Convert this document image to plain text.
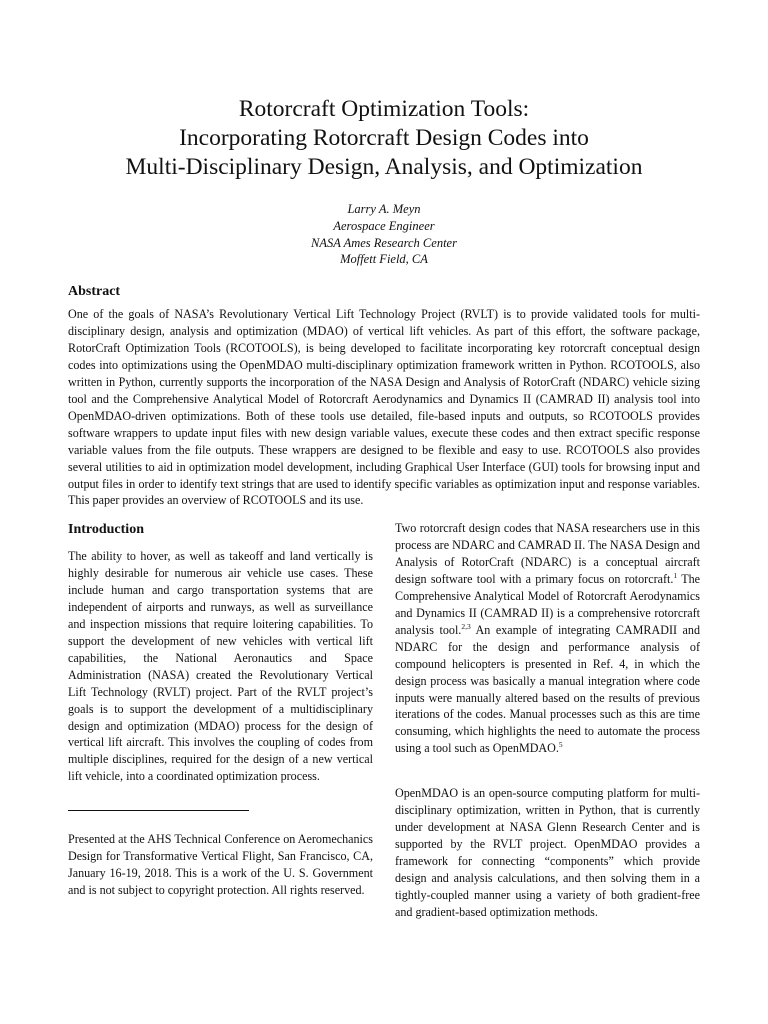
Rotorcraft Optimization Tools:
Incorporating Rotorcraft Design Codes into
Multi-Disciplinary Design, Analysis, and Optimization
Larry A. Meyn
Aerospace Engineer
NASA Ames Research Center
Moffett Field, CA
Abstract

One of the goals of NASA’s Revolutionary Vertical Lift Technology Project (RVLT) is to provide validated tools for multi-disciplinary design, analysis and optimization (MDAO) of vertical lift vehicles. As part of this effort, the software package, RotorCraft Optimization Tools (RCOTOOLS), is being developed to facilitate incorporating key rotorcraft conceptual design codes into optimizations using the OpenMDAO multi-disciplinary optimization framework written in Python. RCOTOOLS, also written in Python, currently supports the incorporation of the NASA Design and Analysis of RotorCraft (NDARC) vehicle sizing tool and the Comprehensive Analytical Model of Rotorcraft Aerodynamics and Dynamics II (CAMRAD II) analysis tool into OpenMDAO-driven optimizations. Both of these tools use detailed, file-based inputs and outputs, so RCOTOOLS provides software wrappers to update input files with new design variable values, execute these codes and then extract specific response variable values from the file outputs. These wrappers are designed to be flexible and easy to use. RCOTOOLS also provides several utilities to aid in optimization model development, including Graphical User Interface (GUI) tools for browsing input and output files in order to identify text strings that are used to identify specific variables as optimization input and response variables. This paper provides an overview of RCOTOOLS and its use.

Introduction

The ability to hover, as well as takeoff and land vertically is highly desirable for numerous air vehicle use cases. These include human and cargo transportation systems that are independent of airports and runways, as well as surveillance and inspection missions that require loitering capabilities. To support the development of new vehicles with vertical lift capabilities, the National Aeronautics and Space Administration (NASA) created the Revolutionary Vertical Lift Technology (RVLT) project. Part of the RVLT project’s goals is to support the development of a multidisciplinary design and optimization (MDAO) process for the design of vertical lift aircraft. This involves the coupling of codes from multiple disciplines, required for the design of a new vertical lift vehicle, into a coordinated optimization process.

Presented at the AHS Technical Conference on Aeromechanics Design for Transformative Vertical Flight, San Francisco, CA, January 16-19, 2018. This is a work of the U. S. Government and is not subject to copyright protection. All rights reserved.

Two rotorcraft design codes that NASA researchers use in this process are NDARC and CAMRAD II. The NASA Design and Analysis of RotorCraft (NDARC) is a conceptual aircraft design software tool with a primary focus on rotorcraft.$^1$ The Comprehensive Analytical Model of Rotorcraft Aerodynamics and Dynamics II (CAMRAD II) is a comprehensive rotorcraft analysis tool.$^{2,3}$ An example of integrating CAMRADII and NDARC for the design and performance analysis of compound helicopters is presented in Ref. 4, in which the design process was basically a manual integration where code inputs were manually altered based on the results of previous iterations of the codes. Manual processes such as this are time consuming, which highlights the need to automate the process using a tool such as OpenMDAO.$^5$

OpenMDAO is an open-source computing platform for multi-disciplinary optimization, written in Python, that is currently under development at NASA Glenn Research Center and is supported by the RVLT project. OpenMDAO provides a framework for connecting “components” which provide design and analysis calculations, and then solving them in a tightly-coupled manner using a variety of both gradient-free and gradient-based optimization methods.
